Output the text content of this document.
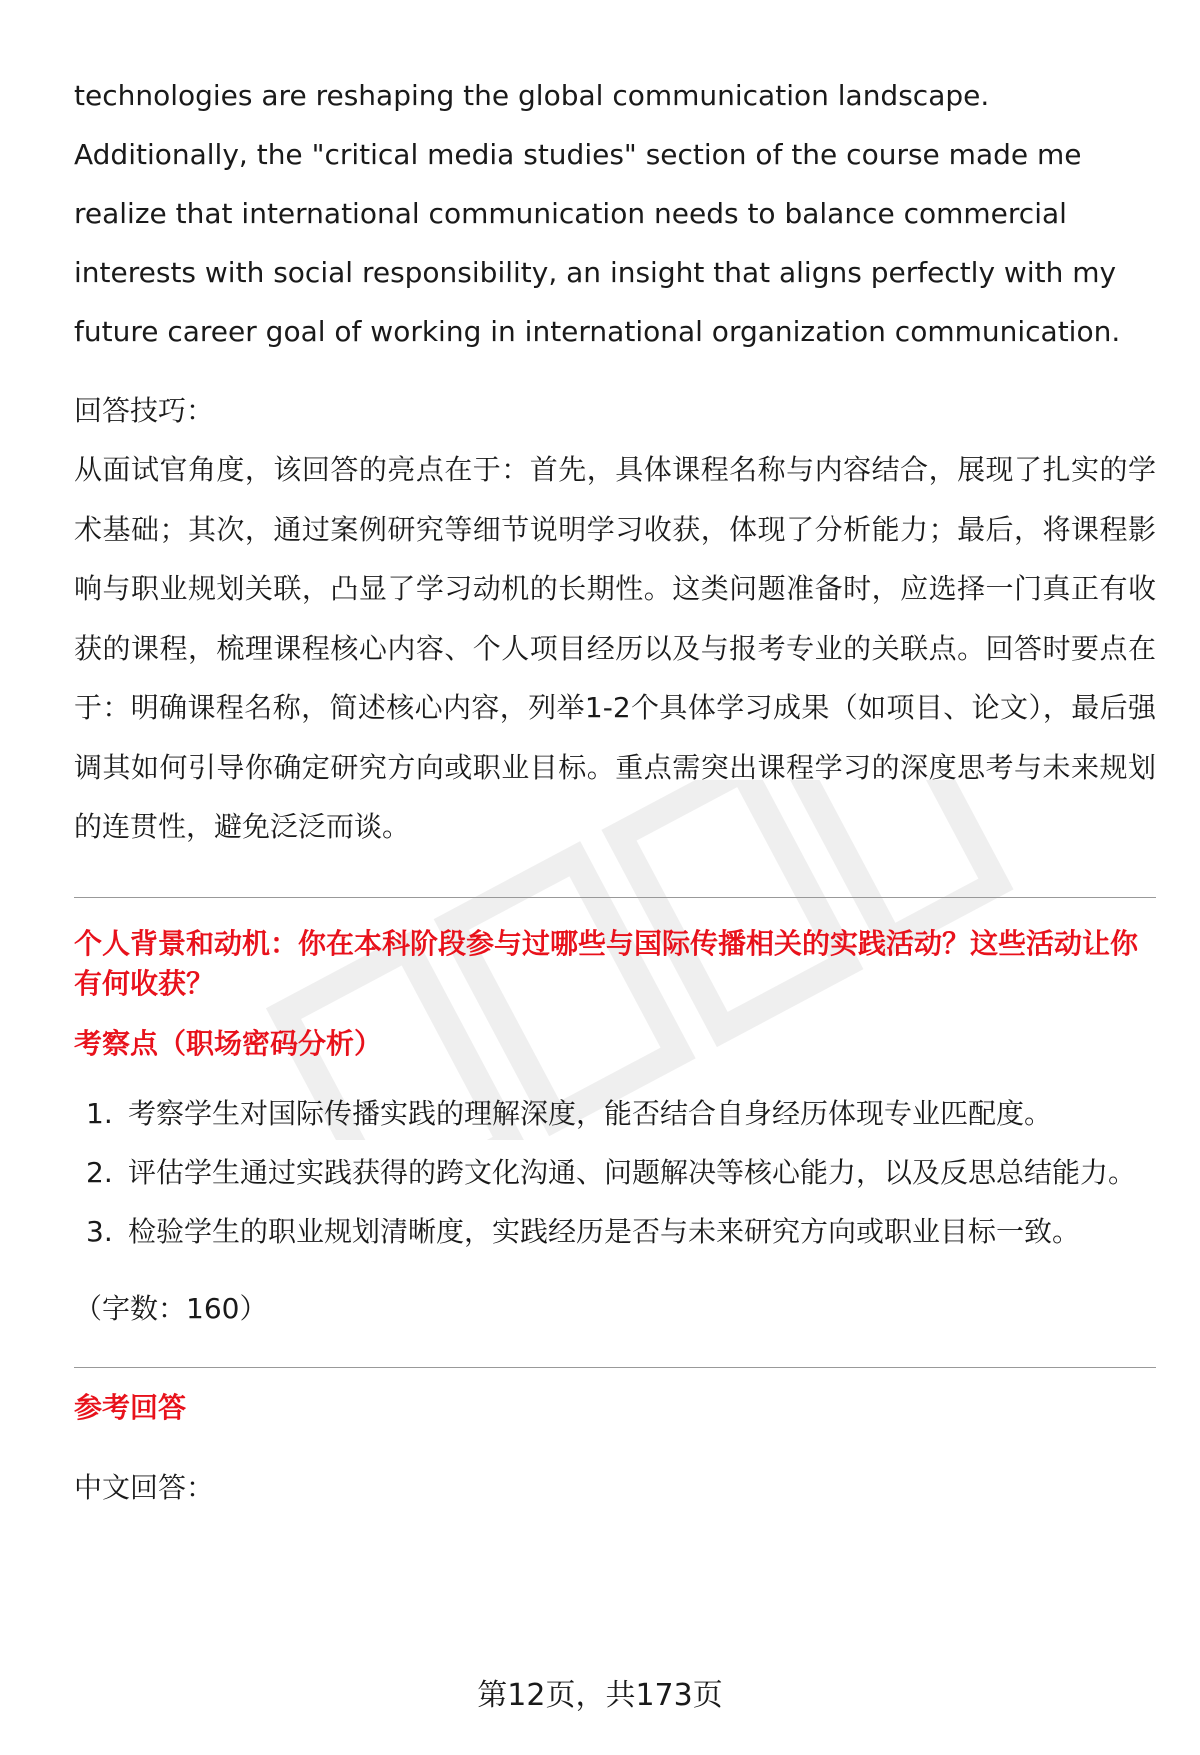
technologies are reshaping the global communication landscape. Additionally, the "critical media studies" section of the course made me realize that international communication needs to balance commercial interests with social responsibility, an insight that aligns perfectly with my future career goal of working in international organization communication.

回答技巧：

从面试官角度，该回答的亮点在于：首先，具体课程名称与内容结合，展现了扎实的学术基础；其次，通过案例研究等细节说明学习收获，体现了分析能力；最后，将课程影响与职业规划关联，凸显了学习动机的长期性。这类问题准备时，应选择一门真正有收获的课程，梳理课程核心内容、个人项目经历以及与报考专业的关联点。回答时要点在于：明确课程名称，简述核心内容，列举1-2个具体学习成果（如项目、论文），最后强调其如何引导你确定研究方向或职业目标。重点需突出课程学习的深度思考与未来规划的连贯性，避免泛泛而谈。

个人背景和动机：你在本科阶段参与过哪些与国际传播相关的实践活动？这些活动让你有何收获？

考察点（职场密码分析）

1. 考察学生对国际传播实践的理解深度，能否结合自身经历体现专业匹配度。
2. 评估学生通过实践获得的跨文化沟通、问题解决等核心能力，以及反思总结能力。
3. 检验学生的职业规划清晰度，实践经历是否与未来研究方向或职业目标一致。

（字数：160）

参考回答

中文回答：

第12页，共173页
